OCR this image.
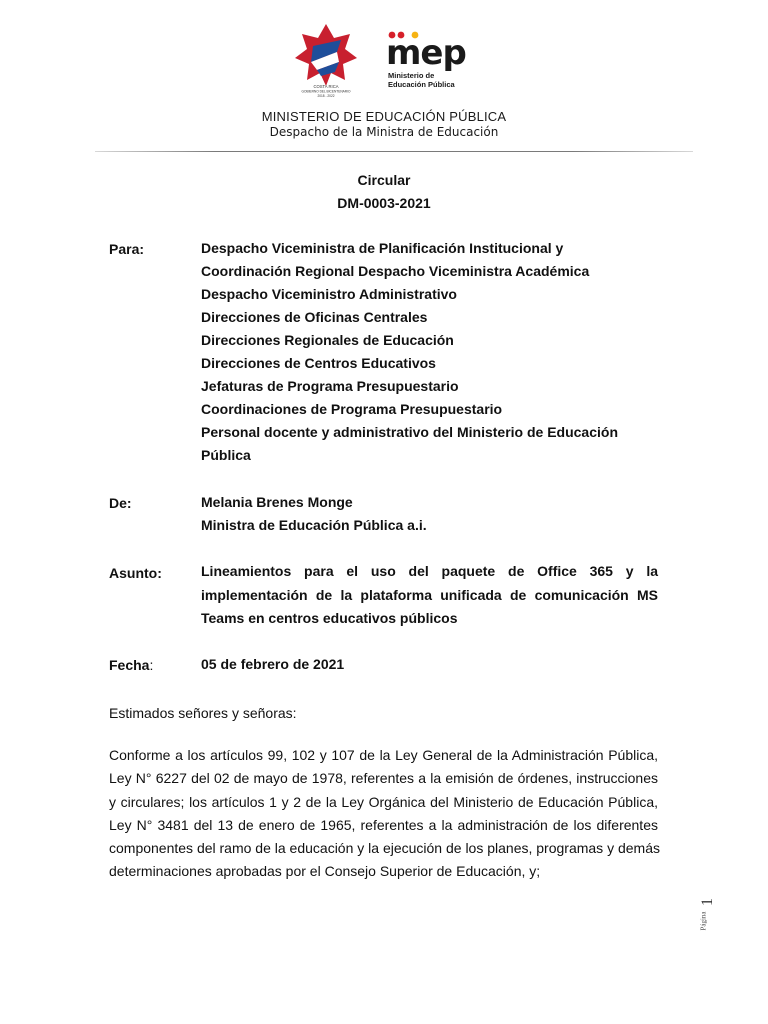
COSTA RICA
GOBIERNO DEL BICENTENARIO
2018 - 2022
mep
Ministerio de
Educación Pública
MINISTERIO DE EDUCACIÓN PÚBLICA
Despacho de la Ministra de Educación
Circular
DM-0003-2021
Para:	Despacho Viceministra de Planificación Institucional y
Coordinación Regional Despacho Viceministra Académica
Despacho Viceministro Administrativo
Direcciones de Oficinas Centrales
Direcciones Regionales de Educación
Direcciones de Centros Educativos
Jefaturas de Programa Presupuestario
Coordinaciones de Programa Presupuestario
Personal docente y administrativo del Ministerio de Educación
Pública
De:	Melania Brenes Monge
Ministra de Educación Pública a.i.
Asunto:	Lineamientos para el uso del paquete de Office 365 y la
implementación de la plataforma unificada de comunicación MS
Teams en centros educativos públicos
Fecha:	05 de febrero de 2021
Estimados señores y señoras:
Conforme a los artículos 99, 102 y 107 de la Ley General de la Administración Pública,
Ley N° 6227 del 02 de mayo de 1978, referentes a la emisión de órdenes, instrucciones
y circulares; los artículos 1 y 2 de la Ley Orgánica del Ministerio de Educación Pública,
Ley N° 3481 del 13 de enero de 1965, referentes a la administración de los diferentes
componentes del ramo de la educación y la ejecución de los planes, programas y demás
determinaciones aprobadas por el Consejo Superior de Educación, y;
Página
1
